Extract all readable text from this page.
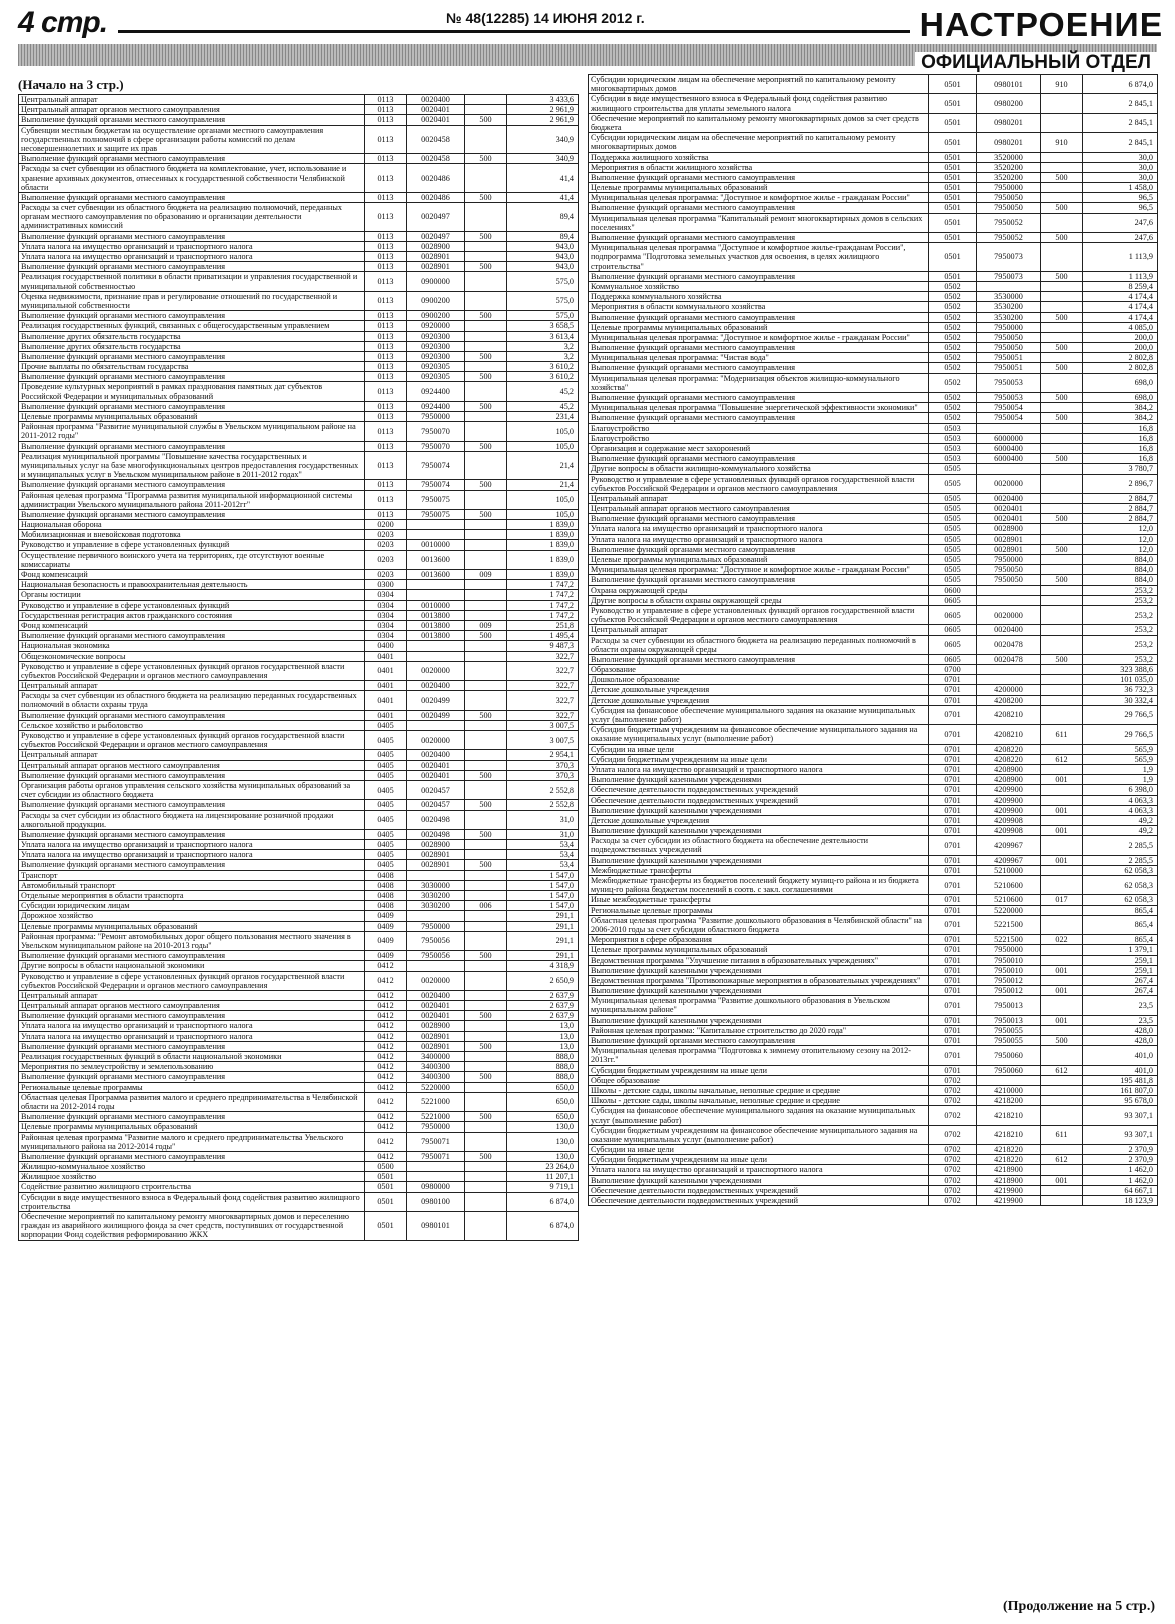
4 стр.	№ 48(12285) 14 ИЮНЯ 2012 г.	НАСТРОЕНИЕ
ОФИЦИАЛЬНЫЙ ОТДЕЛ
(Начало на 3 стр.)
Центральный аппарат	0113	0020400		3 433,6
Центральный аппарат органов местного самоуправления	0113	0020401		2 961,9
Выполнение функций органами местного самоуправления	0113	0020401	500	2 961,9
Субвенции местным бюджетам на осуществление органами местного самоуправления государственных полномочий в сфере организации работы комиссий по делам несовершеннолетних и защите их прав	0113	0020458		340,9
Выполнение функций органами местного самоуправления	0113	0020458	500	340,9
Расходы за счет субвенции из областного бюджета на комплектование, учет, использование и хранение архивных документов, отнесенных к государственной собственности Челябинской области	0113	0020486		41,4
Выполнение функций органами местного самоуправления	0113	0020486	500	41,4
Расходы за счет субвенции из областного бюджета на реализацию полномочий, переданных органам местного самоуправления по образованию и организации деятельности административных комиссий	0113	0020497		89,4
Выполнение функций органами местного самоуправления	0113	0020497	500	89,4
Уплата налога на имущество организаций и транспортного налога	0113	0028900		943,0
Уплата налога на имущество организаций и транспортного налога	0113	0028901		943,0
Выполнение функций органами местного самоуправления	0113	0028901	500	943,0
Реализация государственной политики в области приватизации и управления государственной и муниципальной собственностью	0113	0900000		575,0
Оценка недвижимости, признание прав и регулирование отношений по государственной и муниципальной собственности	0113	0900200		575,0
Выполнение функций органами местного самоуправления	0113	0900200	500	575,0
Реализация государственных функций, связанных с общегосударственным управлением	0113	0920000		3 658,5
Выполнение других обязательств государства	0113	0920300		3 613,4
Выполнение других обязательств государства	0113	0920300		3,2
Выполнение функций органами местного самоуправления	0113	0920300	500	3,2
Прочие выплаты по обязательствам государства	0113	0920305		3 610,2
Выполнение функций органами местного самоуправления	0113	0920305	500	3 610,2
Проведение культурных мероприятий в рамках празднования памятных дат субъектов Российской Федерации и муниципальных образований	0113	0924400		45,2
Выполнение функций органами местного самоуправления	0113	0924400	500	45,2
Целевые программы муниципальных образований	0113	7950000		231,4
Районная программа "Развитие муниципальной службы в Увельском муниципальном районе на 2011-2012 годы"	0113	7950070		105,0
Выполнение функций органами местного самоуправления	0113	7950070	500	105,0
Реализация муниципальной программы "Повышение качества государственных и муниципальных услуг на базе многофункциональных центров предоставления государственных и муниципальных услуг в Увельском муниципальном районе в 2011-2012 годах"	0113	7950074		21,4
Выполнение функций органами местного самоуправления	0113	7950074	500	21,4
Районная целевая программа "Программа развития муниципальной информационной системы администрации Увельского муниципального района 2011-2012гг"	0113	7950075		105,0
Выполнение функций органами местного самоуправления	0113	7950075	500	105,0
Национальная оборона	0200			1 839,0
Мобилизационная и вневойсковая подготовка	0203			1 839,0
Руководство и управление в сфере установленных функций	0203	0010000		1 839,0
Осуществление первичного воинского учета на территориях, где отсутствуют военные комиссариаты	0203	0013600		1 839,0
Фонд компенсаций	0203	0013600	009	1 839,0
Национальная безопасность и правоохранительная деятельность	0300			1 747,2
Органы юстиции	0304			1 747,2
Руководство и управление в сфере установленных функций	0304	0010000		1 747,2
Государственная регистрация актов гражданского состояния	0304	0013800		1 747,2
Фонд компенсаций	0304	0013800	009	251,8
Выполнение функций органами местного самоуправления	0304	0013800	500	1 495,4
Национальная экономика	0400			9 487,3
Общеэкономические вопросы	0401			322,7
Руководство и управление в сфере установленных функций органов государственной власти субъектов Российской Федерации и органов местного самоуправления	0401	0020000		322,7
Центральный аппарат	0401	0020400		322,7
Расходы за счет субвенции из областного бюджета на реализацию переданных государственных полномочий в области охраны труда	0401	0020499		322,7
Выполнение функций органами местного самоуправления	0401	0020499	500	322,7
Сельское хозяйство и рыболовство	0405			3 007,5
Руководство и управление в сфере установленных функций органов государственной власти субъектов Российской Федерации и органов местного самоуправления	0405	0020000		3 007,5
Центральный аппарат	0405	0020400		2 954,1
Центральный аппарат органов местного самоуправления	0405	0020401		370,3
Выполнение функций органами местного самоуправления	0405	0020401	500	370,3
Организация работы органов управления сельского хозяйства муниципальных образований за счет субсидии из областного бюджета	0405	0020457		2 552,8
Выполнение функций органами местного самоуправления	0405	0020457	500	2 552,8
Расходы за счет субсидии из областного бюджета на лицензирование розничной продажи алкогольной продукции.	0405	0020498		31,0
Выполнение функций органами местного самоуправления	0405	0020498	500	31,0
Уплата налога на имущество организаций и транспортного налога	0405	0028900		53,4
Уплата налога на имущество организаций и транспортного налога	0405	0028901		53,4
Выполнение функций органами местного самоуправления	0405	0028901	500	53,4
Транспорт	0408			1 547,0
Автомобильный транспорт	0408	3030000		1 547,0
Отдельные мероприятия в области транспорта	0408	3030200		1 547,0
Субсидии юридическим лицам	0408	3030200	006	1 547,0
Дорожное хозяйство	0409			291,1
Целевые программы муниципальных образований	0409	7950000		291,1
Районная программа: "Ремонт автомобильных дорог общего пользования местного значения в Увельском муниципальном районе на 2010-2013 годы"	0409	7950056		291,1
Выполнение функций органами местного самоуправления	0409	7950056	500	291,1
Другие вопросы в области национальной экономики	0412			4 318,9
Руководство и управление в сфере установленных функций органов государственной власти субъектов Российской Федерации и органов местного самоуправления	0412	0020000		2 650,9
Центральный аппарат	0412	0020400		2 637,9
Центральный аппарат органов местного самоуправления	0412	0020401		2 637,9
Выполнение функций органами местного самоуправления	0412	0020401	500	2 637,9
Уплата налога на имущество организаций и транспортного налога	0412	0028900		13,0
Уплата налога на имущество организаций и транспортного налога	0412	0028901		13,0
Выполнение функций органами местного самоуправления	0412	0028901	500	13,0
Реализация государственных функций в области национальной экономики	0412	3400000		888,0
Мероприятия по землеустройству и землепользованию	0412	3400300		888,0
Выполнение функций органами местного самоуправления	0412	3400300	500	888,0
Региональные целевые программы	0412	5220000		650,0
Областная целевая Программа развития малого и среднего предпринимательства в Челябинской области на 2012-2014 годы	0412	5221000		650,0
Выполнение функций органами местного самоуправления	0412	5221000	500	650,0
Целевые программы муниципальных образований	0412	7950000		130,0
Районная целевая программа "Развитие малого и среднего предпринимательства Увельского муниципального района на 2012-2014 годы"	0412	7950071		130,0
Выполнение функций органами местного самоуправления	0412	7950071	500	130,0
Жилищно-коммунальное хозяйство	0500			23 264,0
Жилищное хозяйство	0501			11 207,1
Содействие развитию жилищного строительства	0501	0980000		9 719,1
Субсидии в виде имущественного взноса в Федеральный фонд содействия развитию жилищного строительства	0501	0980100		6 874,0
Обеспечение мероприятий по капитальному ремонту многоквартирных домов и переселению граждан из аварийного жилищного фонда за счет средств, поступивших от государственной корпорации Фонд содействия реформированию ЖКХ	0501	0980101		6 874,0
Субсидии юридическим лицам на обеспечение мероприятий по капитальному ремонту многоквартирных домов	0501	0980101	910	6 874,0
Субсидии в виде имущественного взноса в Федеральный фонд содействия развитию жилищного строительства для уплаты земельного налога	0501	0980200		2 845,1
Обеспечение мероприятий по капитальному ремонту многоквартирных домов за счет средств бюджета	0501	0980201		2 845,1
Субсидии юридическим лицам на обеспечение мероприятий по капитальному ремонту многоквартирных домов	0501	0980201	910	2 845,1
Поддержка жилищного хозяйства	0501	3520000		30,0
Мероприятия в области жилищного хозяйства	0501	3520200		30,0
Выполнение функций органами местного самоуправления	0501	3520200	500	30,0
Целевые программы муниципальных образований	0501	7950000		1 458,0
Муниципальная целевая программа: "Доступное и комфортное жилье - гражданам России"	0501	7950050		96,5
Выполнение функций органами местного самоуправления	0501	7950050	500	96,5
Муниципальная целевая программа "Капитальный ремонт многоквартирных домов в сельских поселениях"	0501	7950052		247,6
Выполнение функций органами местного самоуправления	0501	7950052	500	247,6
Муниципальная целевая программа "Доступное и комфортное жилье-гражданам России", подпрограмма "Подготовка земельных участков для освоения, в целях жилищного строительства"	0501	7950073		1 113,9
Выполнение функций органами местного самоуправления	0501	7950073	500	1 113,9
Коммунальное хозяйство	0502			8 259,4
Поддержка коммунального хозяйства	0502	3530000		4 174,4
Мероприятия в области коммунального хозяйства	0502	3530200		4 174,4
Выполнение функций органами местного самоуправления	0502	3530200	500	4 174,4
Целевые программы муниципальных образований	0502	7950000		4 085,0
Муниципальная целевая программа: "Доступное и комфортное жилье - гражданам России"	0502	7950050		200,0
Выполнение функций органами местного самоуправления	0502	7950050	500	200,0
Муниципальная целевая программа: "Чистая вода"	0502	7950051		2 802,8
Выполнение функций органами местного самоуправления	0502	7950051	500	2 802,8
Муниципальная целевая программа: "Модернизация объектов жилищно-коммунального хозяйства"	0502	7950053		698,0
Выполнение функций органами местного самоуправления	0502	7950053	500	698,0
Муниципальная целевая программа "Повышение энергетической эффективности экономики"	0502	7950054		384,2
Выполнение функций органами местного самоуправления	0502	7950054	500	384,2
Благоустройство	0503			16,8
Благоустройство	0503	6000000		16,8
Организация и содержание мест захоронений	0503	6000400		16,8
Выполнение функций органами местного самоуправления	0503	6000400	500	16,8
Другие вопросы в области жилищно-коммунального хозяйства	0505			3 780,7
Руководство и управление в сфере установленных функций органов государственной власти субъектов Российской Федерации и органов местного самоуправления	0505	0020000		2 896,7
Центральный аппарат	0505	0020400		2 884,7
Центральный аппарат органов местного самоуправления	0505	0020401		2 884,7
Выполнение функций органами местного самоуправления	0505	0020401	500	2 884,7
Уплата налога на имущество организаций и транспортного налога	0505	0028900		12,0
Уплата налога на имущество организаций и транспортного налога	0505	0028901		12,0
Выполнение функций органами местного самоуправления	0505	0028901	500	12,0
Целевые программы муниципальных образований	0505	7950000		884,0
Муниципальная целевая программа: "Доступное и комфортное жилье - гражданам России"	0505	7950050		884,0
Выполнение функций органами местного самоуправления	0505	7950050	500	884,0
Охрана окружающей среды	0600			253,2
Другие вопросы в области охраны окружающей среды	0605			253,2
Руководство и управление в сфере установленных функций органов государственной власти субъектов Российской Федерации и органов местного самоуправления	0605	0020000		253,2
Центральный аппарат	0605	0020400		253,2
Расходы за счет субвенции из областного бюджета на реализацию переданных полномочий в области охраны окружающей среды	0605	0020478		253,2
Выполнение функций органами местного самоуправления	0605	0020478	500	253,2
Образование	0700			323 388,6
Дошкольное образование	0701			101 035,0
Детские дошкольные учреждения	0701	4200000		36 732,3
Детские дошкольные учреждения	0701	4208200		30 332,4
Субсидия на финансовое обеспечение муниципального задания на оказание муниципальных услуг (выполнение работ)	0701	4208210		29 766,5
Субсидии бюджетным учреждениям на финансовое обеспечение муниципального задания на оказание муниципальных услуг (выполнение работ)	0701	4208210	611	29 766,5
Субсидии на иные цели	0701	4208220		565,9
Субсидии бюджетным учреждениям на иные цели	0701	4208220	612	565,9
Уплата налога на имущество организаций и транспортного налога	0701	4208900		1,9
Выполнение функций казенными учреждениями	0701	4208900	001	1,9
Обеспечение деятельности подведомственных учреждений	0701	4209900		6 398,0
Обеспечение деятельности подведомственных учреждений	0701	4209900		4 063,3
Выполнение функций казенными учреждениями	0701	4209900	001	4 063,3
Детские дошкольные учреждения	0701	4209908		49,2
Выполнение функций казенными учреждениями	0701	4209908	001	49,2
Расходы за счет субсидии из областного бюджета на обеспечение деятельности подведомственных учреждений	0701	4209967		2 285,5
Выполнение функций казенными учреждениями	0701	4209967	001	2 285,5
Межбюджетные трансферты	0701	5210000		62 058,3
Межбюджетные трансферты из бюджетов поселений бюджету муниц-го района и из бюджета муниц-го района бюджетам поселений в соотв. с закл. соглашениями	0701	5210600		62 058,3
Иные межбюджетные трансферты	0701	5210600	017	62 058,3
Региональные целевые программы	0701	5220000		865,4
Областная целевая программа "Развитие дошкольного образования в Челябинской области" на 2006-2010 годы за счет субсидии областного бюджета	0701	5221500		865,4
Мероприятия в сфере образования	0701	5221500	022	865,4
Целевые программы муниципальных образований	0701	7950000		1 379,1
Ведомственная программа "Улучшение питания в образовательных учреждениях"	0701	7950010		259,1
Выполнение функций казенными учреждениями	0701	7950010	001	259,1
Ведомственная программа "Противопожарные мероприятия в образовательных учреждениях"	0701	7950012		267,4
Выполнение функций казенными учреждениями	0701	7950012	001	267,4
Муниципальная целевая программа "Развитие дошкольного образования в Увельском муниципальном районе"	0701	7950013		23,5
Выполнение функций казенными учреждениями	0701	7950013	001	23,5
Районная целевая программа: "Капитальное строительство до 2020 года"	0701	7950055		428,0
Выполнение функций органами местного самоуправления	0701	7950055	500	428,0
Муниципальная целевая программа "Подготовка к зимнему отопительному сезону на 2012-2013гг."	0701	7950060		401,0
Субсидии бюджетным учреждениям на иные цели	0701	7950060	612	401,0
Общее образование	0702			195 481,8
Школы - детские сады, школы начальные, неполные средние и средние	0702	4210000		161 807,0
Школы - детские сады, школы начальные, неполные средние и средние	0702	4218200		95 678,0
Субсидия на финансовое обеспечение муниципального задания на оказание муниципальных услуг (выполнение работ)	0702	4218210		93 307,1
Субсидии бюджетным учреждениям на финансовое обеспечение муниципального задания на оказание муниципальных услуг (выполнение работ)	0702	4218210	611	93 307,1
Субсидии на иные цели	0702	4218220		2 370,9
Субсидии бюджетным учреждениям на иные цели	0702	4218220	612	2 370,9
Уплата налога на имущество организаций и транспортного налога	0702	4218900		1 462,0
Выполнение функций казенными учреждениями	0702	4218900	001	1 462,0
Обеспечение деятельности подведомственных учреждений	0702	4219900		64 667,1
Обеспечение деятельности подведомственных учреждений	0702	4219900		18 123,9
(Продолжение на 5 стр.)
